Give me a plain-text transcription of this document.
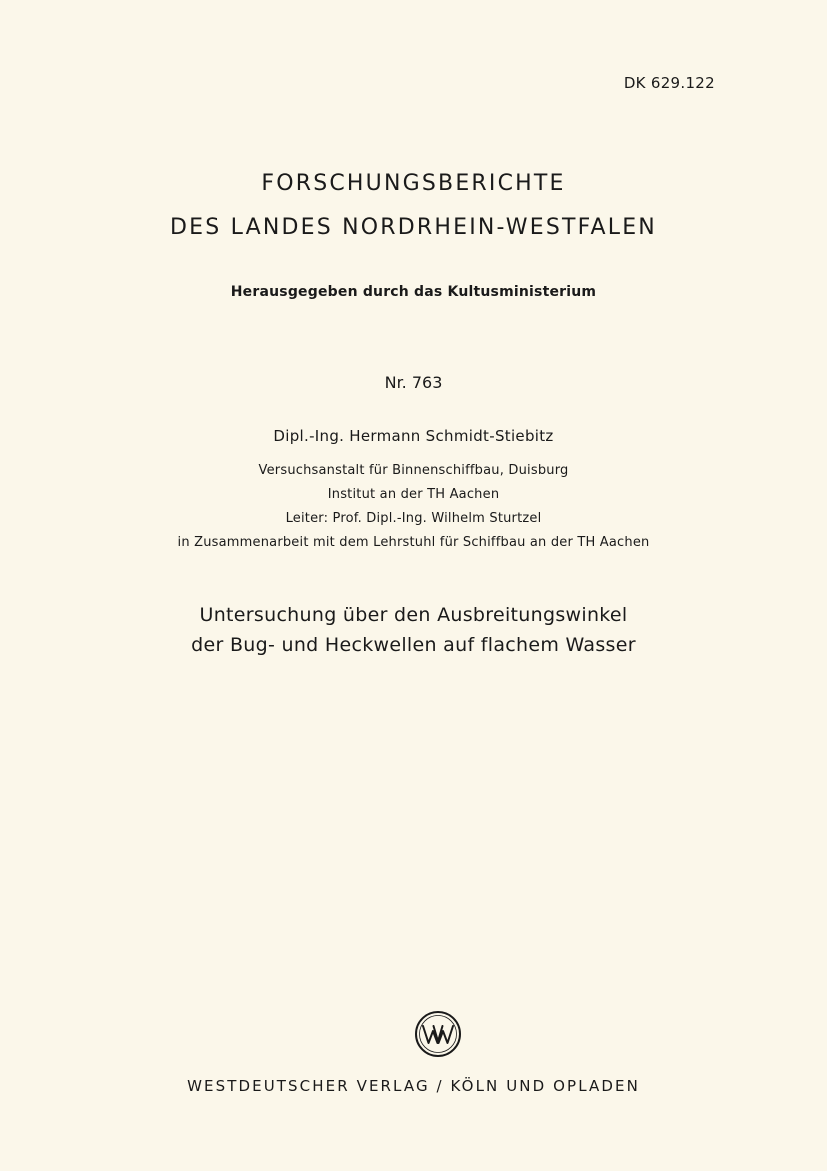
DK 629.122
FORSCHUNGSBERICHTE
DES LANDES NORDRHEIN-WESTFALEN
Herausgegeben durch das Kultusministerium
Nr. 763
Dipl.-Ing. Hermann Schmidt-Stiebitz
Versuchsanstalt für Binnenschiffbau, Duisburg
Institut an der TH Aachen
Leiter: Prof. Dipl.-Ing. Wilhelm Sturtzel
in Zusammenarbeit mit dem Lehrstuhl für Schiffbau an der TH Aachen
Untersuchung über den Ausbreitungswinkel
der Bug- und Heckwellen auf flachem Wasser
WESTDEUTSCHER VERLAG / KÖLN UND OPLADEN
